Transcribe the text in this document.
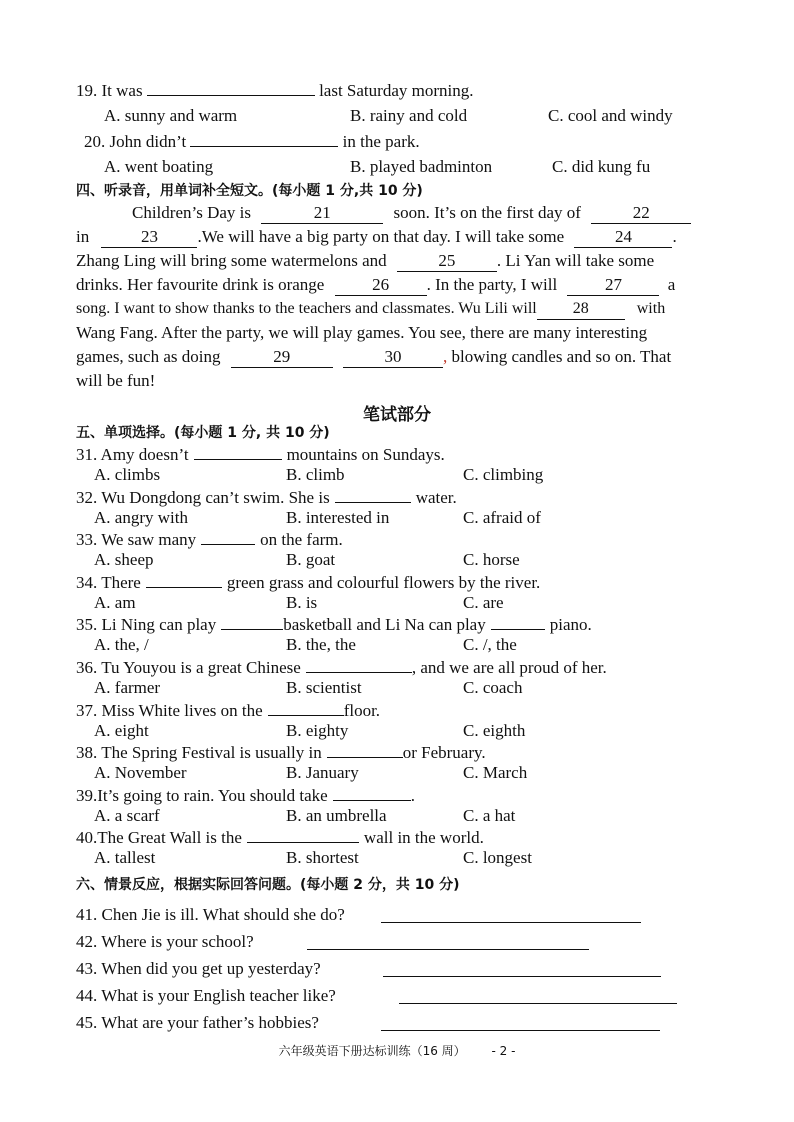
19. It was	last Saturday morning.
A. sunny and warm	B. rainy and cold	C. cool and windy
20. John didn’t	in the park.
A. went boating	B. played badminton	C. did kung fu
四、听录音，用单词补全短文。(每小题 1 分,共 10 分)
Children’s Day is	21	soon. It’s on the first day of	22
in	23 .We will have a big party on that day. I will take some	24 .
Zhang Ling will bring some watermelons and	25 . Li Yan will take some
drinks. Her favourite drink is orange	26 . In the party, I will	27	a
song. I want to show thanks to the teachers and classmates. Wu Lili will 28	with
Wang Fang. After the party, we will play games. You see, there are many interesting
games, such as doing	29	30 , blowing candles and so on. That
will be fun!
笔试部分
五、单项选择。(每小题 1 分, 共 10 分)
31. Amy doesn’t	mountains on Sundays.
A. climbs	B. climb	C. climbing
32. Wu Dongdong can’t swim. She is	water.
A. angry with	B. interested in	C. afraid of
33. We saw many	on the farm.
A. sheep	B. goat	C. horse
34. There	green grass and colourful flowers by the river.
A. am	B. is	C. are
35. Li Ning can play	basketball and Li Na can play	piano.
A. the, /	B. the, the	C. /, the
36. Tu Youyou is a great Chinese	, and we are all proud of her.
A. farmer	B. scientist	C. coach
37. Miss White lives on the	floor.
A. eight	B. eighty	C. eighth
38. The Spring Festival is usually in	or February.
A. November	B. January	C. March
39.It’s going to rain. You should take	.
A. a scarf	B. an umbrella	C. a hat
40.The Great Wall is the	wall in the world.
A. tallest	B. shortest	C. longest
六、情景反应，根据实际回答问题。(每小题 2 分，共 10 分)
41. Chen Jie is ill. What should she do?
42. Where is your school?
43. When did you get up yesterday?
44. What is your English teacher like?
45. What are your father’s hobbies?
六年级英语下册达标训练（16 周） - 2 -
